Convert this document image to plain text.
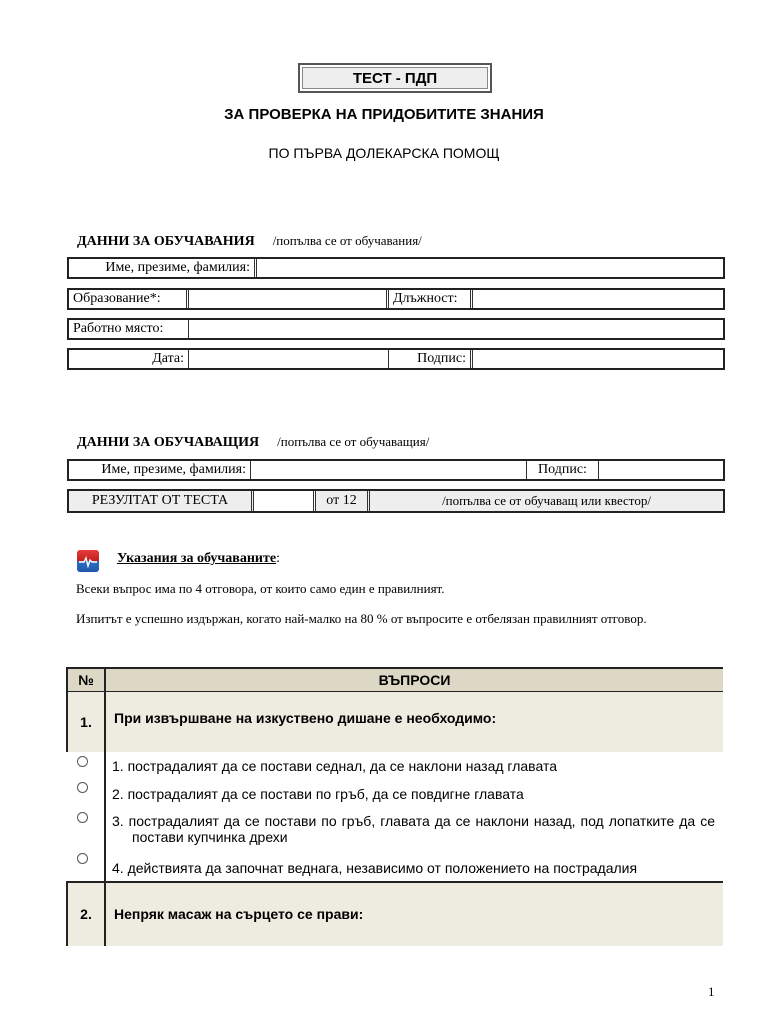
ТЕСТ - ПДП
ЗА ПРОВЕРКА НА ПРИДОБИТИТЕ ЗНАНИЯ
ПО ПЪРВА ДОЛЕКАРСКА ПОМОЩ
ДАННИ ЗА ОБУЧАВАНИЯ /попълва се от обучавания/
Име, презиме, фамилия:
Образование*:	Длъжност:
Работно място:
Дата:	Подпис:
ДАННИ ЗА ОБУЧАВАЩИЯ /попълва се от обучаващия/
Име, презиме, фамилия:	Подпис:
РЕЗУЛТАТ ОТ ТЕСТА	от 12	/попълва се от обучаващ или квестор/
Указания за обучаваните:
Всеки въпрос има по 4 отговора, от които само един е правилният.
Изпитът е успешно издържан, когато най-малко на 80 % от въпросите е отбелязан правилният отговор.
№	ВЪПРОСИ
1.	При извършване на изкуствено дишане е необходимо:

	1. пострадалият да се постави седнал, да се наклони назад главата

	2. пострадалият да се постави по гръб, да се повдигне главата

	3. пострадалият да се постави по гръб, главата да се наклони назад, под лопатките да се постави купчинка дрехи

	4. действията да започнат веднага, независимо от положението на пострадалия
2.	Непряк масаж на сърцето се прави:
1
